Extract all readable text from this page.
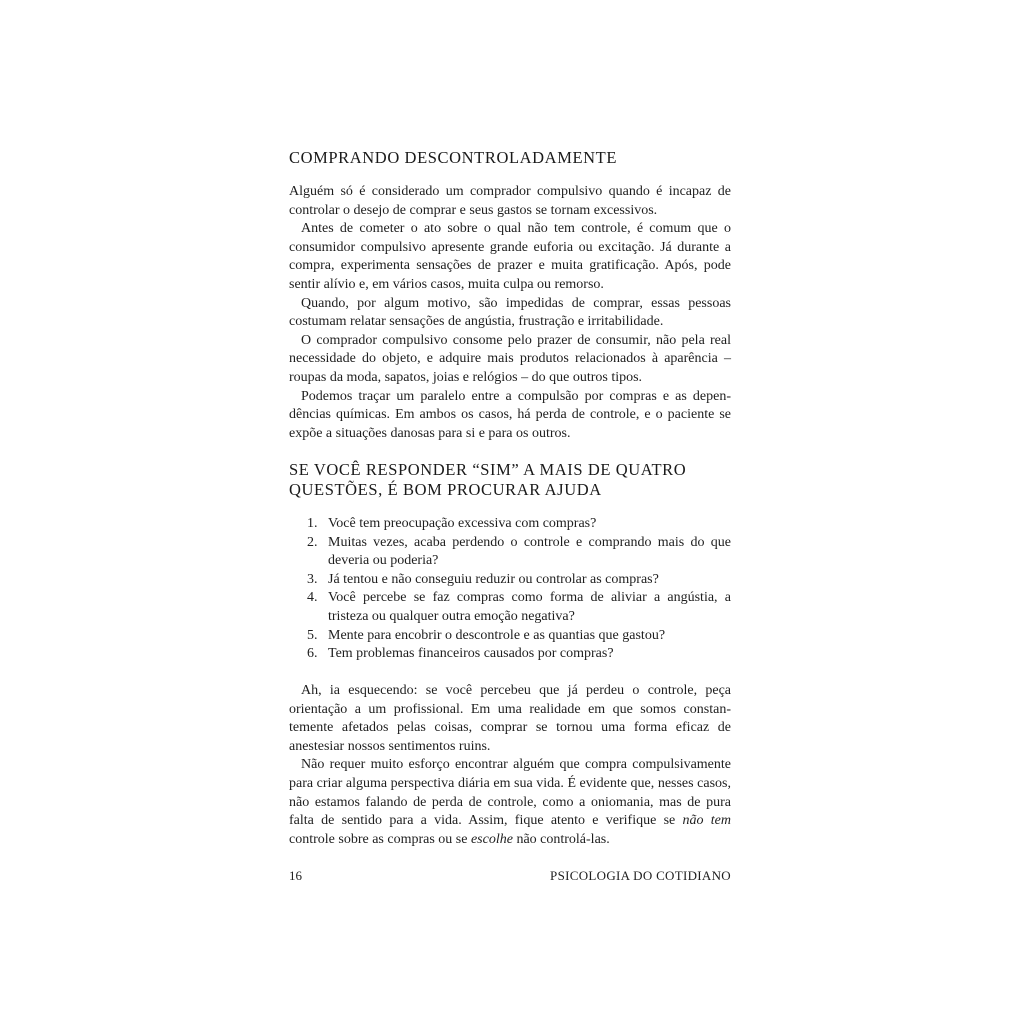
COMPRANDO DESCONTROLADAMENTE

Alguém só é considerado um comprador compulsivo quando é incapaz de controlar o desejo de comprar e seus gastos se tornam excessivos.

Antes de cometer o ato sobre o qual não tem controle, é comum que o consumidor compulsivo apresente grande euforia ou excitação. Já durante a compra, experimenta sensações de prazer e muita gratificação. Após, pode sentir alívio e, em vários casos, muita culpa ou remorso.

Quando, por algum motivo, são impedidas de comprar, essas pessoas costumam relatar sensações de angústia, frustração e irritabilidade.

O comprador compulsivo consome pelo prazer de consumir, não pela real necessidade do objeto, e adquire mais produtos relacionados à aparência – roupas da moda, sapatos, joias e relógios – do que outros tipos.

Podemos traçar um paralelo entre a compulsão por compras e as dependências químicas. Em ambos os casos, há perda de controle, e o paciente se expõe a situações danosas para si e para os outros.

SE VOCÊ RESPONDER “SIM” A MAIS DE QUATRO QUESTÕES, É BOM PROCURAR AJUDA
1. Você tem preocupação excessiva com compras?
2. Muitas vezes, acaba perdendo o controle e comprando mais do que deveria ou poderia?
3. Já tentou e não conseguiu reduzir ou controlar as compras?
4. Você percebe se faz compras como forma de aliviar a angústia, a tristeza ou qualquer outra emoção negativa?
5. Mente para encobrir o descontrole e as quantias que gastou?
6. Tem problemas financeiros causados por compras?

Ah, ia esquecendo: se você percebeu que já perdeu o controle, peça orientação a um profissional. Em uma realidade em que somos constantemente afetados pelas coisas, comprar se tornou uma forma eficaz de anestesiar nossos sentimentos ruins.

Não requer muito esforço encontrar alguém que compra compulsivamente para criar alguma perspectiva diária em sua vida. É evidente que, nesses casos, não estamos falando de perda de controle, como a oniomania, mas de pura falta de sentido para a vida. Assim, fique atento e verifique se não tem controle sobre as compras ou se escolhe não controlá-las.

16	PSICOLOGIA DO COTIDIANO
